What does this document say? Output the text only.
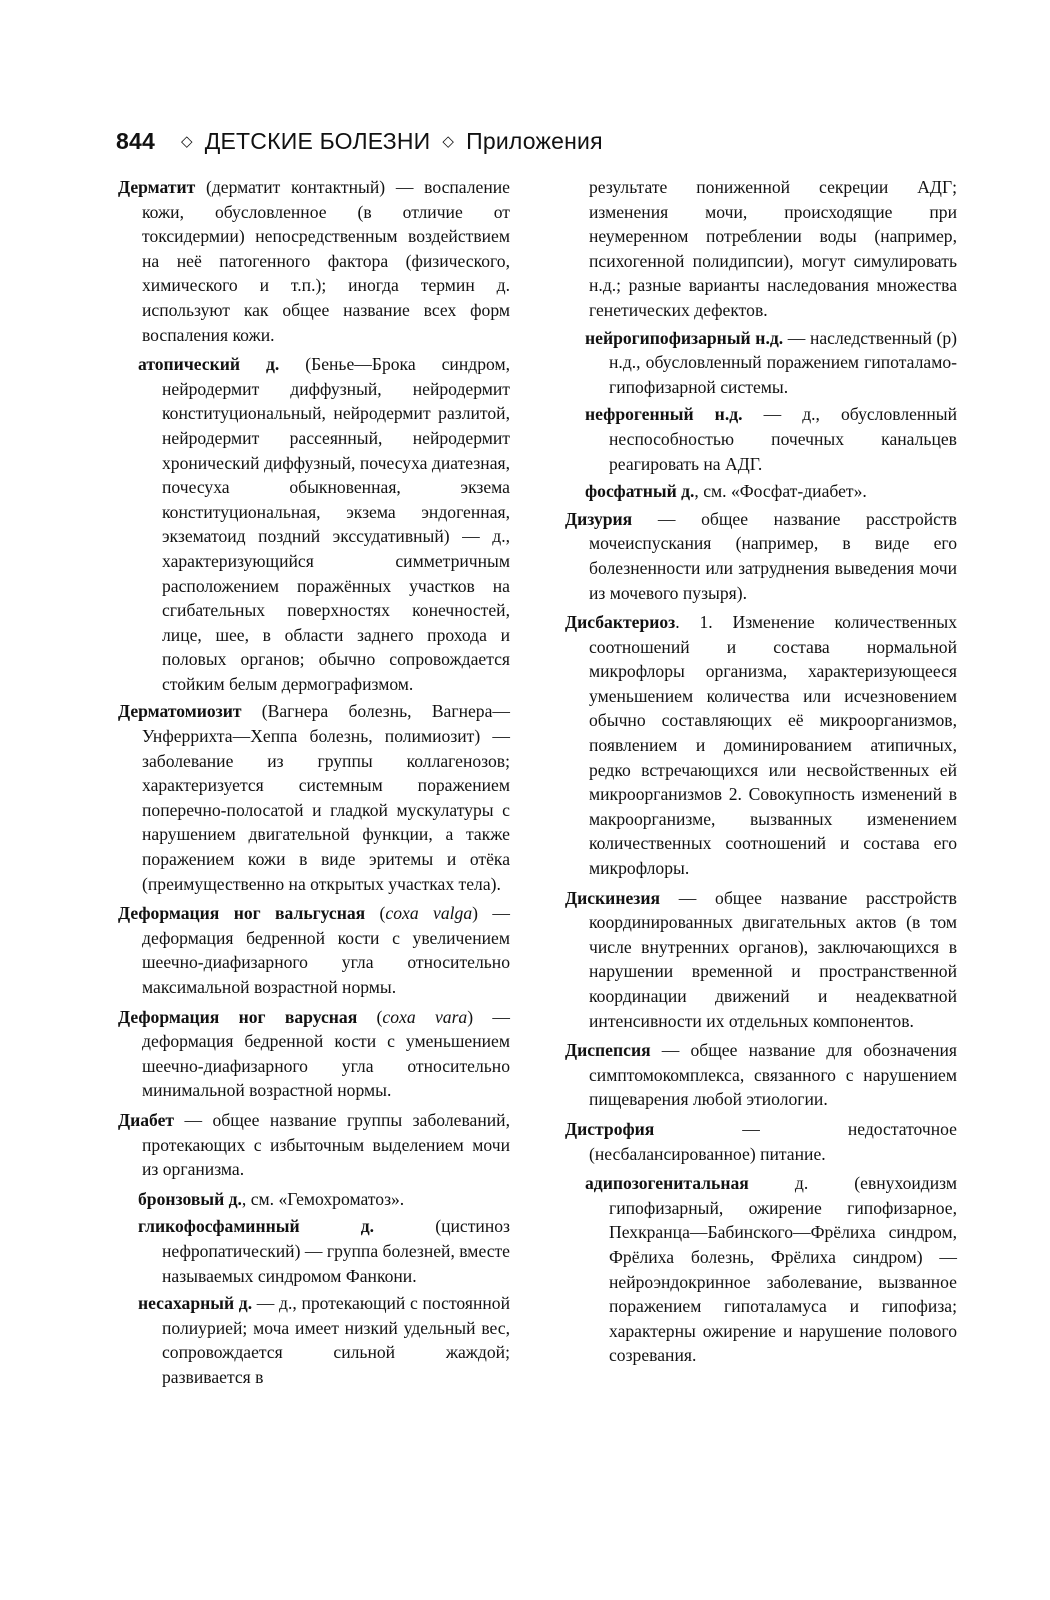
844 ◇ ДЕТСКИЕ БОЛЕЗНИ ◇ Приложения

Дерматит (дерматит контактный) — воспаление кожи, обусловленное (в отличие от токсидермии) непосредственным воздействием на неё патогенного фактора (физического, химического и т.п.); иногда термин д. используют как общее название всех форм воспаления кожи.

атопический д. (Бенье—Брока синдром, нейродермит диффузный, нейродермит конституциональный, нейродермит разлитой, нейродермит рассеянный, нейродермит хронический диффузный, почесуха диатезная, почесуха обыкновенная, экзема конституциональная, экзема эндогенная, экзематоид поздний экссудативный) — д., характеризующийся симметричным расположением поражённых участков на сгибательных поверхностях конечностей, лице, шее, в области заднего прохода и половых органов; обычно сопровождается стойким белым дермографизмом.

Дерматомиозит (Вагнера болезнь, Вагнера—Унферрихта—Хеппа болезнь, полимиозит) — заболевание из группы коллагенозов; характеризуется системным поражением поперечно-полосатой и гладкой мускулатуры с нарушением двигательной функции, а также поражением кожи в виде эритемы и отёка (преимущественно на открытых участках тела).

Деформация ног вальгусная (coxa valga) — деформация бедренной кости с увеличением шеечно-диафизарного угла относительно максимальной возрастной нормы.

Деформация ног варусная (coxa vara) — деформация бедренной кости с уменьшением шеечно-диафизарного угла относительно минимальной возрастной нормы.

Диабет — общее название группы заболеваний, протекающих с избыточным выделением мочи из организма.

бронзовый д., см. «Гемохроматоз».

гликофосфаминный д. (цистиноз нефропатический) — группа болезней, вместе называемых синдромом Фанкони.

несахарный д. — д., протекающий с постоянной полиурией; моча имеет низкий удельный вес, сопровождается сильной жаждой; развивается в

результате пониженной секреции АДГ; изменения мочи, происходящие при неумеренном потреблении воды (например, психогенной полидипсии), могут симулировать н.д.; разные варианты наследования множества генетических дефектов.

нейрогипофизарный н.д. — наследственный (р) н.д., обусловленный поражением гипоталамо-гипофизарной системы.

нефрогенный н.д. — д., обусловленный неспособностью почечных канальцев реагировать на АДГ.

фосфатный д., см. «Фосфат-диабет».

Дизурия — общее название расстройств мочеиспускания (например, в виде его болезненности или затруднения выведения мочи из мочевого пузыря).

Дисбактериоз. 1. Изменение количественных соотношений и состава нормальной микрофлоры организма, характеризующееся уменьшением количества или исчезновением обычно составляющих её микроорганизмов, появлением и доминированием атипичных, редко встречающихся или несвойственных ей микроорганизмов 2. Совокупность изменений в макроорганизме, вызванных изменением количественных соотношений и состава его микрофлоры.

Дискинезия — общее название расстройств координированных двигательных актов (в том числе внутренних органов), заключающихся в нарушении временной и пространственной координации движений и неадекватной интенсивности их отдельных компонентов.

Диспепсия — общее название для обозначения симптомокомплекса, связанного с нарушением пищеварения любой этиологии.

Дистрофия — недостаточное (несбалансированное) питание.

адипозогенитальная д. (евнухоидизм гипофизарный, ожирение гипофизарное, Пехкранца—Бабинского—Фрёлиха синдром, Фрёлиха болезнь, Фрёлиха синдром) — нейроэндокринное заболевание, вызванное поражением гипоталамуса и гипофиза; характерны ожирение и нарушение полового созревания.
